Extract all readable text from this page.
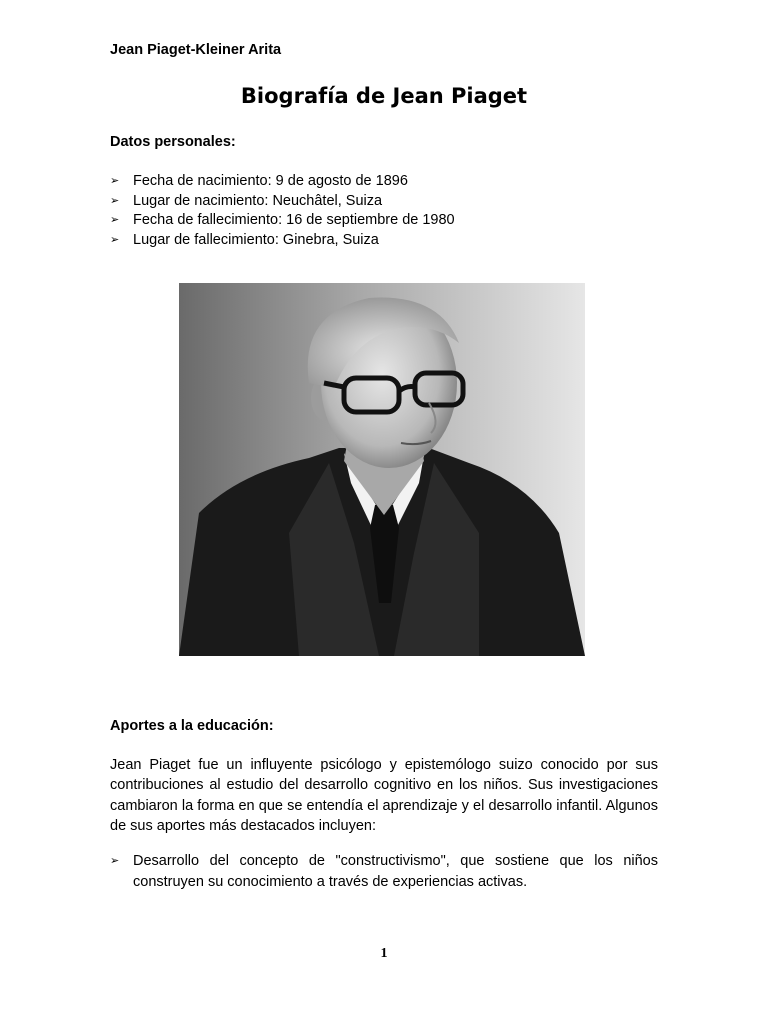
Jean Piaget-Kleiner Arita
Biografía de Jean Piaget
Datos personales:
➢ Fecha de nacimiento: 9 de agosto de 1896
➢ Lugar de nacimiento: Neuchâtel, Suiza
➢ Fecha de fallecimiento: 16 de septiembre de 1980
➢ Lugar de fallecimiento: Ginebra, Suiza
Aportes a la educación:

Jean Piaget fue un influyente psicólogo y epistemólogo suizo conocido por sus contribuciones al estudio del desarrollo cognitivo en los niños. Sus investigaciones cambiaron la forma en que se entendía el aprendizaje y el desarrollo infantil. Algunos de sus aportes más destacados incluyen:

➢ Desarrollo del concepto de "constructivismo", que sostiene que los niños construyen su conocimiento a través de experiencias activas.
1
